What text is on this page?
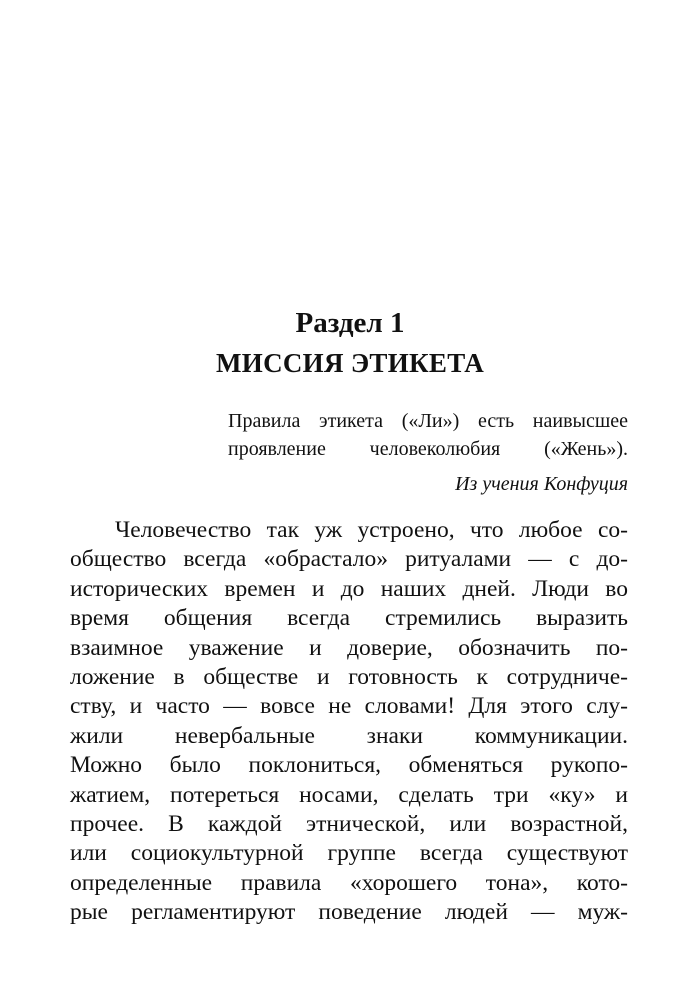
Раздел 1
МИССИЯ ЭТИКЕТА
Правила этикета («Ли») есть наивысшее
проявление человеколюбия («Жень»).
Из учения Конфуция
Человечество так уж устроено, что любое со-
общество всегда «обрастало» ритуалами — с до-
исторических времен и до наших дней. Люди во
время общения всегда стремились выразить
взаимное уважение и доверие, обозначить по-
ложение в обществе и готовность к сотрудниче-
ству, и часто — вовсе не словами! Для этого слу-
жили невербальные знаки коммуникации.
Можно было поклониться, обменяться рукопо-
жатием, потереться носами, сделать три «ку» и
прочее. В каждой этнической, или возрастной,
или социокультурной группе всегда существуют
определенные правила «хорошего тона», кото-
рые регламентируют поведение людей — муж-
